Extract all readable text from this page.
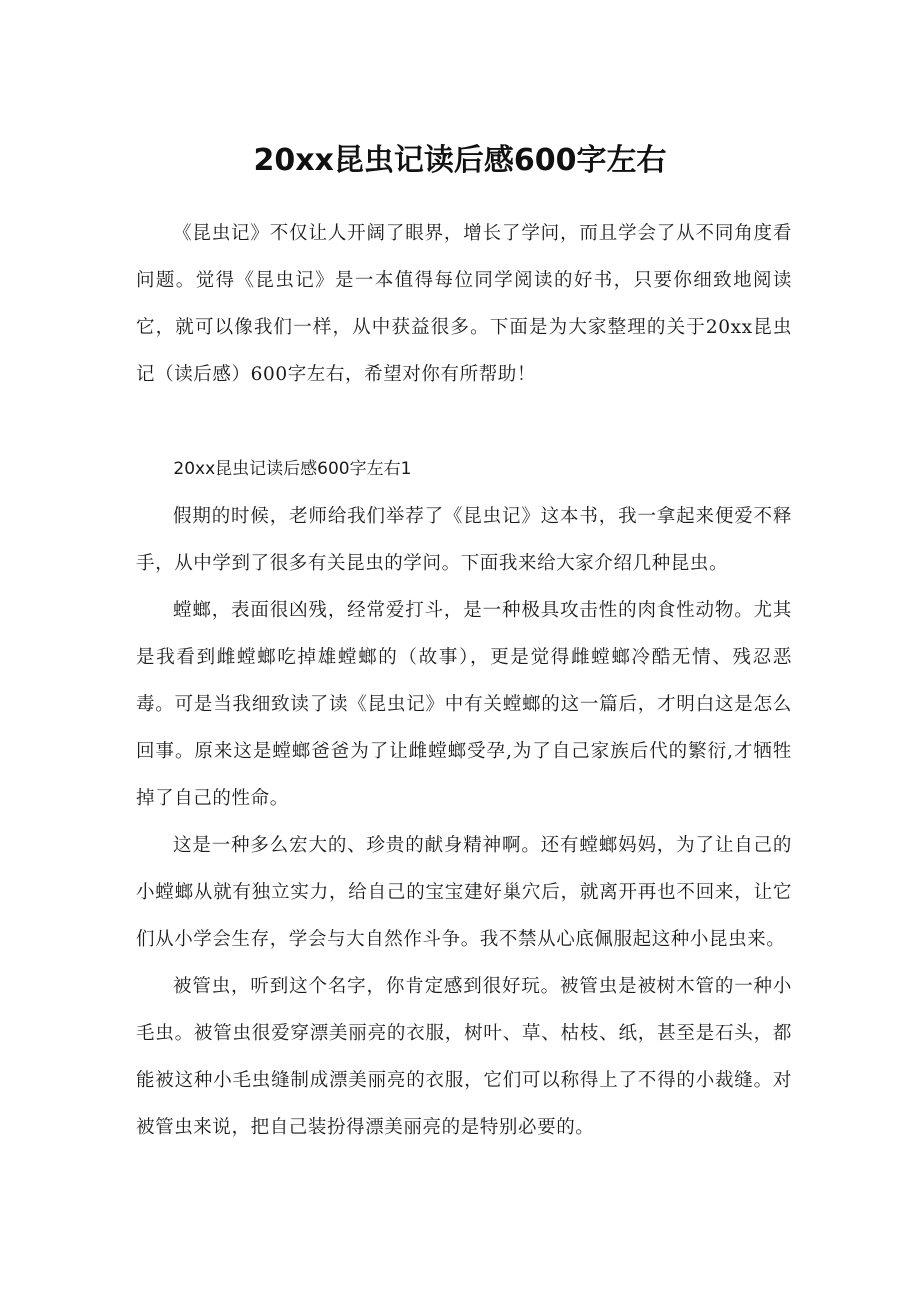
20xx昆虫记读后感600字左右

《昆虫记》不仅让人开阔了眼界，增长了学问，而且学会了从不同角度看问题。觉得《昆虫记》是一本值得每位同学阅读的好书，只要你细致地阅读它，就可以像我们一样，从中获益很多。下面是为大家整理的关于20xx昆虫记（读后感）600字左右，希望对你有所帮助！

20xx昆虫记读后感600字左右1

假期的时候，老师给我们举荐了《昆虫记》这本书，我一拿起来便爱不释手，从中学到了很多有关昆虫的学问。下面我来给大家介绍几种昆虫。

螳螂，表面很凶残，经常爱打斗，是一种极具攻击性的肉食性动物。尤其是我看到雌螳螂吃掉雄螳螂的（故事），更是觉得雌螳螂冷酷无情、残忍恶毒。可是当我细致读了读《昆虫记》中有关螳螂的这一篇后，才明白这是怎么回事。原来这是螳螂爸爸为了让雌螳螂受孕,为了自己家族后代的繁衍,才牺牲掉了自己的性命。

这是一种多么宏大的、珍贵的献身精神啊。还有螳螂妈妈，为了让自己的小螳螂从就有独立实力，给自己的宝宝建好巢穴后，就离开再也不回来，让它们从小学会生存，学会与大自然作斗争。我不禁从心底佩服起这种小昆虫来。

被管虫，听到这个名字，你肯定感到很好玩。被管虫是被树木管的一种小毛虫。被管虫很爱穿漂美丽亮的衣服，树叶、草、枯枝、纸，甚至是石头，都能被这种小毛虫缝制成漂美丽亮的衣服，它们可以称得上了不得的小裁缝。对被管虫来说，把自己装扮得漂美丽亮的是特别必要的。
